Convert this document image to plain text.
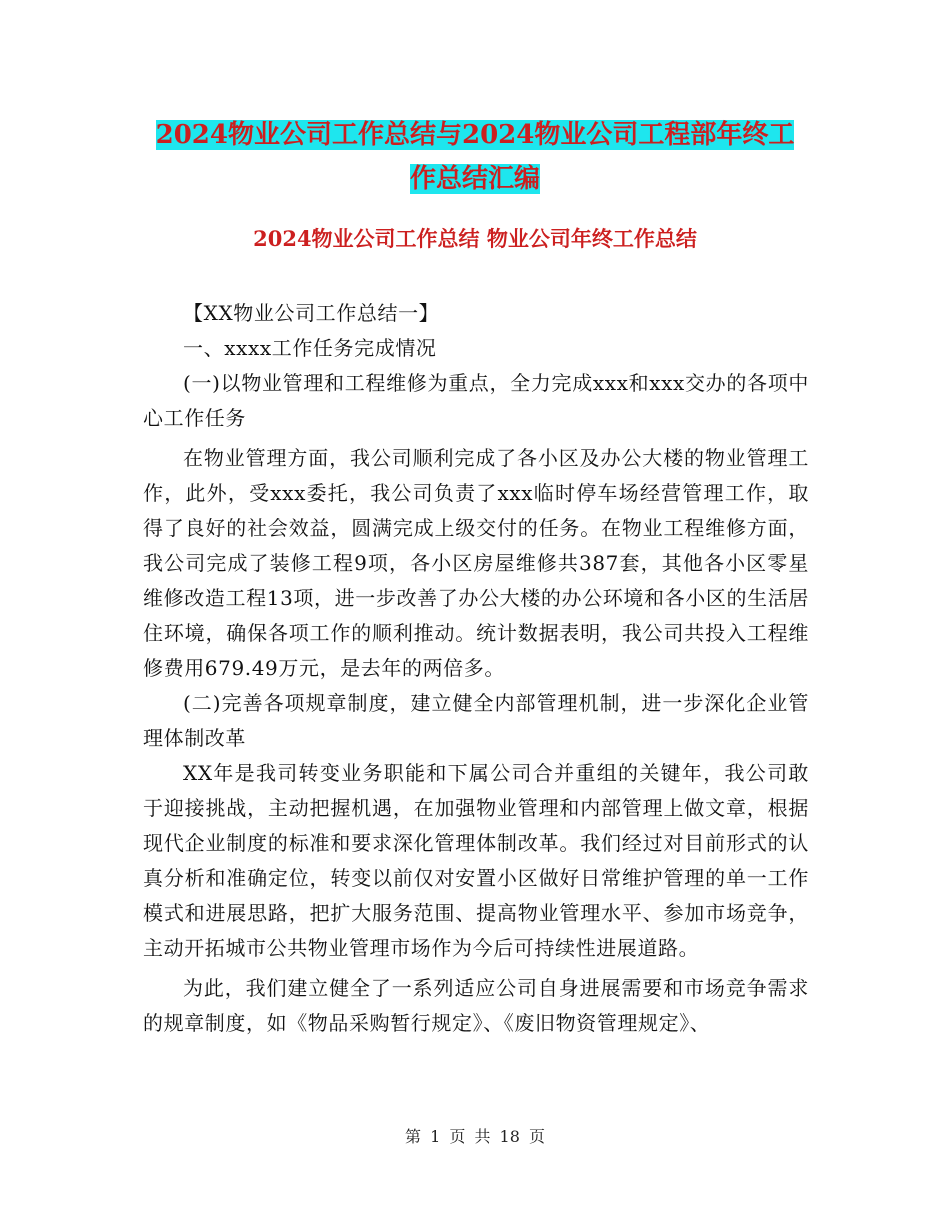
2024物业公司工作总结与2024物业公司工程部年终工
作总结汇编
2024物业公司工作总结 物业公司年终工作总结

【XX物业公司工作总结一】

一、xxxx工作任务完成情况

(一)以物业管理和工程维修为重点，全力完成xxx和xxx交办的各项中心工作任务

在物业管理方面，我公司顺利完成了各小区及办公大楼的物业管理工作，此外，受xxx委托，我公司负责了xxx临时停车场经营管理工作，取得了良好的社会效益，圆满完成上级交付的任务。在物业工程维修方面，我公司完成了装修工程9项，各小区房屋维修共387套，其他各小区零星维修改造工程13项，进一步改善了办公大楼的办公环境和各小区的生活居住环境，确保各项工作的顺利推动。统计数据表明，我公司共投入工程维修费用679.49万元，是去年的两倍多。

(二)完善各项规章制度，建立健全内部管理机制，进一步深化企业管理体制改革

XX年是我司转变业务职能和下属公司合并重组的关键年，我公司敢于迎接挑战，主动把握机遇，在加强物业管理和内部管理上做文章，根据现代企业制度的标准和要求深化管理体制改革。我们经过对目前形式的认真分析和准确定位，转变以前仅对安置小区做好日常维护管理的单一工作模式和进展思路，把扩大服务范围、提高物业管理水平、参加市场竞争，主动开拓城市公共物业管理市场作为今后可持续性进展道路。

为此，我们建立健全了一系列适应公司自身进展需要和市场竞争需求的规章制度，如《物品采购暂行规定》、《废旧物资管理规定》、

第 1 页 共 18 页
